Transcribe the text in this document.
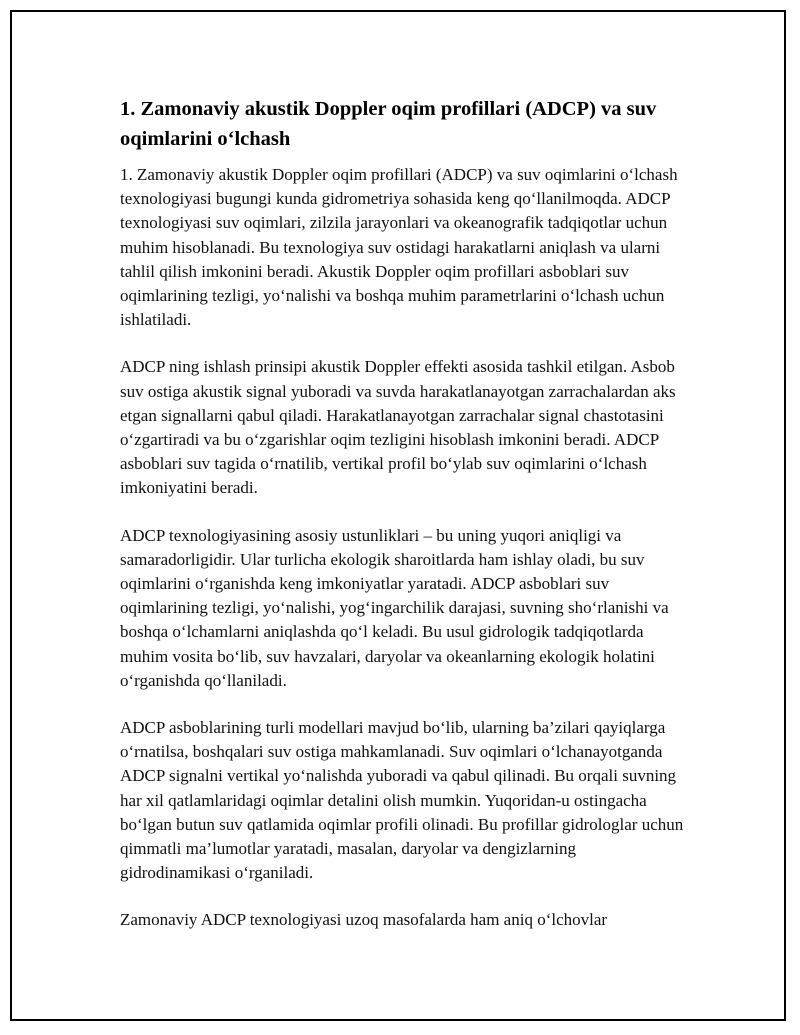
1. Zamonaviy akustik Doppler oqim profillari (ADCP) va suv oqimlarini o‘lchash

1. Zamonaviy akustik Doppler oqim profillari (ADCP) va suv oqimlarini o‘lchash texnologiyasi bugungi kunda gidrometriya sohasida keng qo‘llanilmoqda. ADCP texnologiyasi suv oqimlari, zilzila jarayonlari va okeanografik tadqiqotlar uchun muhim hisoblanadi. Bu texnologiya suv ostidagi harakatlarni aniqlash va ularni tahlil qilish imkonini beradi. Akustik Doppler oqim profillari asboblari suv oqimlarining tezligi, yo‘nalishi va boshqa muhim parametrlarini o‘lchash uchun ishlatiladi.

ADCP ning ishlash prinsipi akustik Doppler effekti asosida tashkil etilgan. Asbob suv ostiga akustik signal yuboradi va suvda harakatlanayotgan zarrachalardan aks etgan signallarni qabul qiladi. Harakatlanayotgan zarrachalar signal chastotasini o‘zgartiradi va bu o‘zgarishlar oqim tezligini hisoblash imkonini beradi. ADCP asboblari suv tagida o‘rnatilib, vertikal profil bo‘ylab suv oqimlarini o‘lchash imkoniyatini beradi.

ADCP texnologiyasining asosiy ustunliklari – bu uning yuqori aniqligi va samaradorligidir. Ular turlicha ekologik sharoitlarda ham ishlay oladi, bu suv oqimlarini o‘rganishda keng imkoniyatlar yaratadi. ADCP asboblari suv oqimlarining tezligi, yo‘nalishi, yog‘ingarchilik darajasi, suvning sho‘rlanishi va boshqa o‘lchamlarni aniqlashda qo‘l keladi. Bu usul gidrologik tadqiqotlarda muhim vosita bo‘lib, suv havzalari, daryolar va okeanlarning ekologik holatini o‘rganishda qo‘llaniladi.

ADCP asboblarining turli modellari mavjud bo‘lib, ularning ba’zilari qayiqlarga o‘rnatilsa, boshqalari suv ostiga mahkamlanadi. Suv oqimlari o‘lchanayotganda ADCP signalni vertikal yo‘nalishda yuboradi va qabul qilinadi. Bu orqali suvning har xil qatlamlaridagi oqimlar detalini olish mumkin. Yuqoridan-u ostingacha bo‘lgan butun suv qatlamida oqimlar profili olinadi. Bu profillar gidrologlar uchun qimmatli ma’lumotlar yaratadi, masalan, daryolar va dengizlarning gidrodinamikasi o‘rganiladi.

Zamonaviy ADCP texnologiyasi uzoq masofalarda ham aniq o‘lchovlar
